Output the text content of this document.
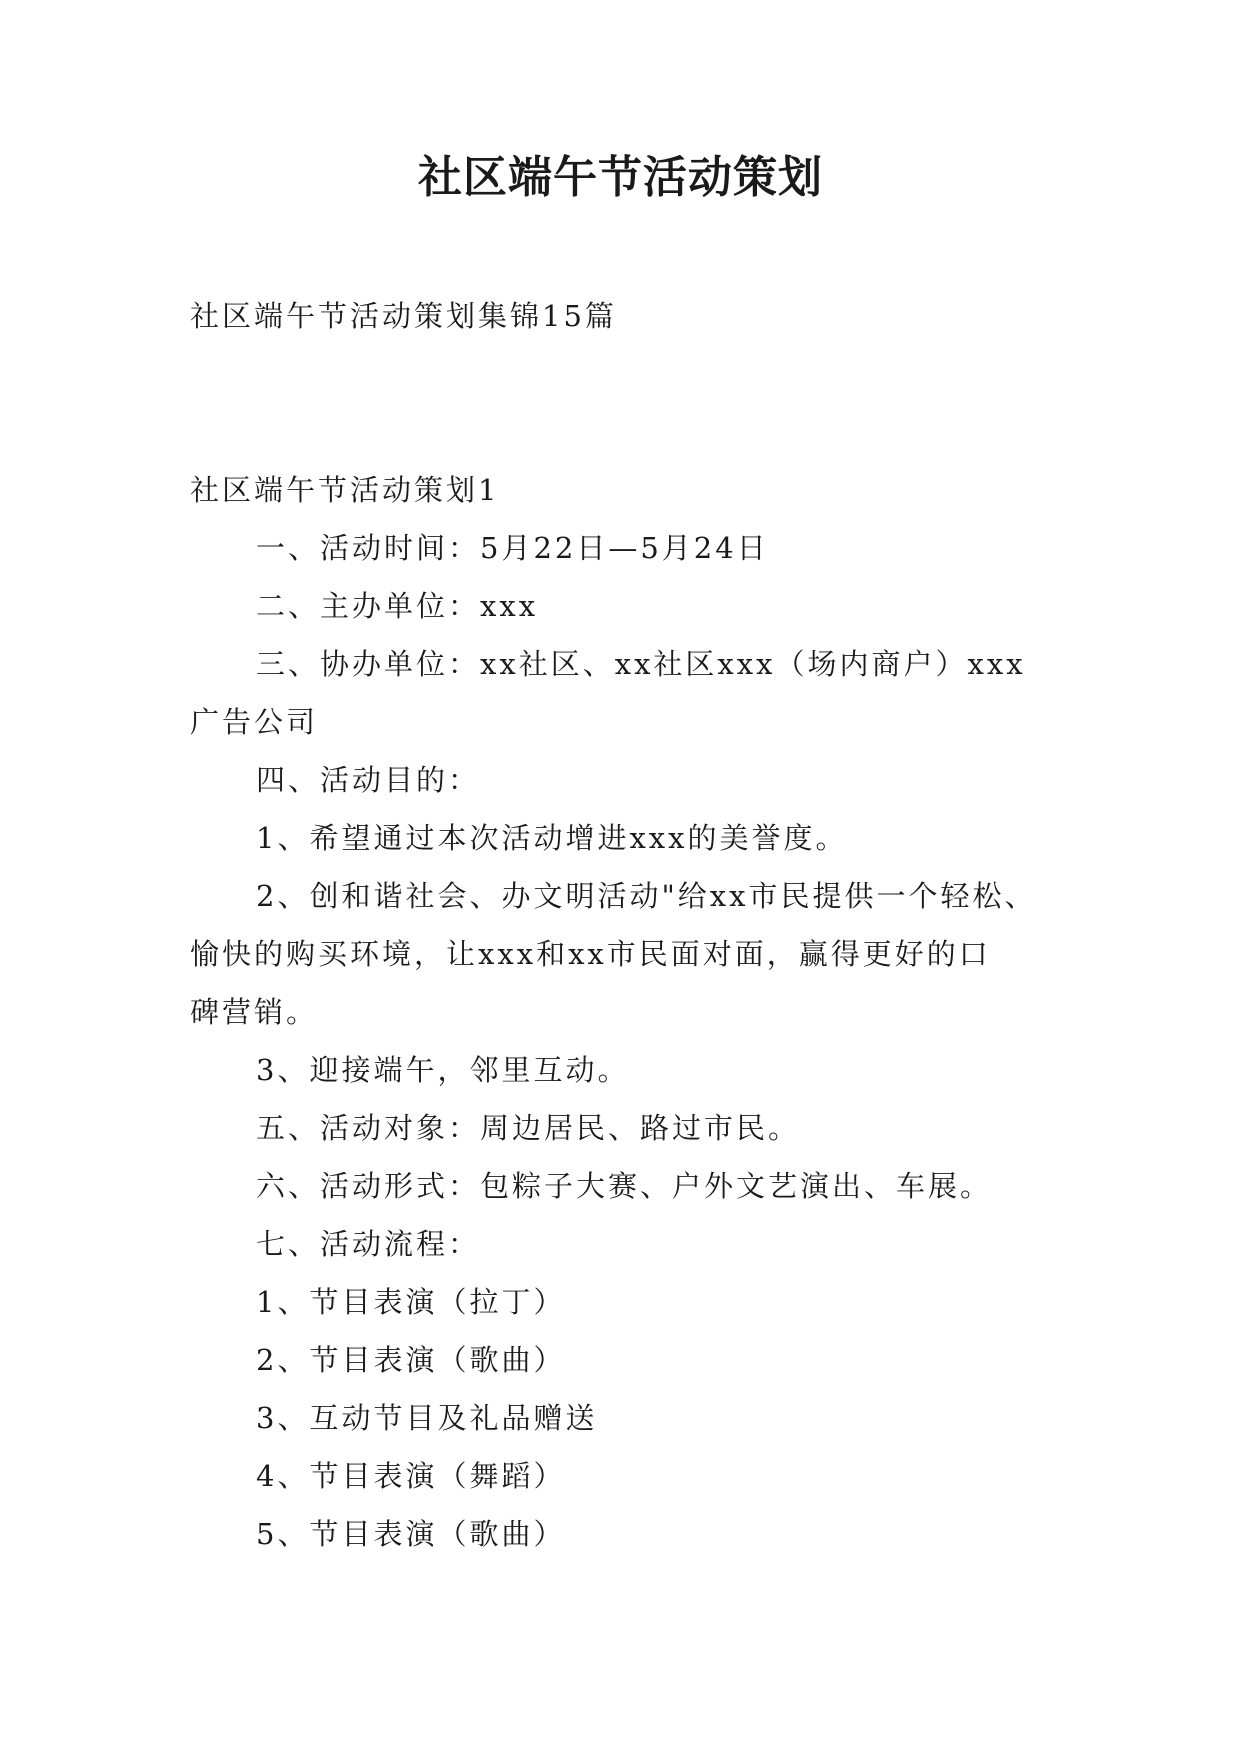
社区端午节活动策划

社区端午节活动策划集锦15篇

社区端午节活动策划1

一、活动时间：5月22日—5月24日

二、主办单位：xxx

三、协办单位：xx社区、xx社区xxx（场内商户）xxx

广告公司

四、活动目的：

1、希望通过本次活动增进xxx的美誉度。

2、创和谐社会、办文明活动"给xx市民提供一个轻松、

愉快的购买环境，让xxx和xx市民面对面，赢得更好的口

碑营销。

3、迎接端午，邻里互动。

五、活动对象：周边居民、路过市民。

六、活动形式：包粽子大赛、户外文艺演出、车展。

七、活动流程：

1、节目表演（拉丁）

2、节目表演（歌曲）

3、互动节目及礼品赠送

4、节目表演（舞蹈）

5、节目表演（歌曲）
